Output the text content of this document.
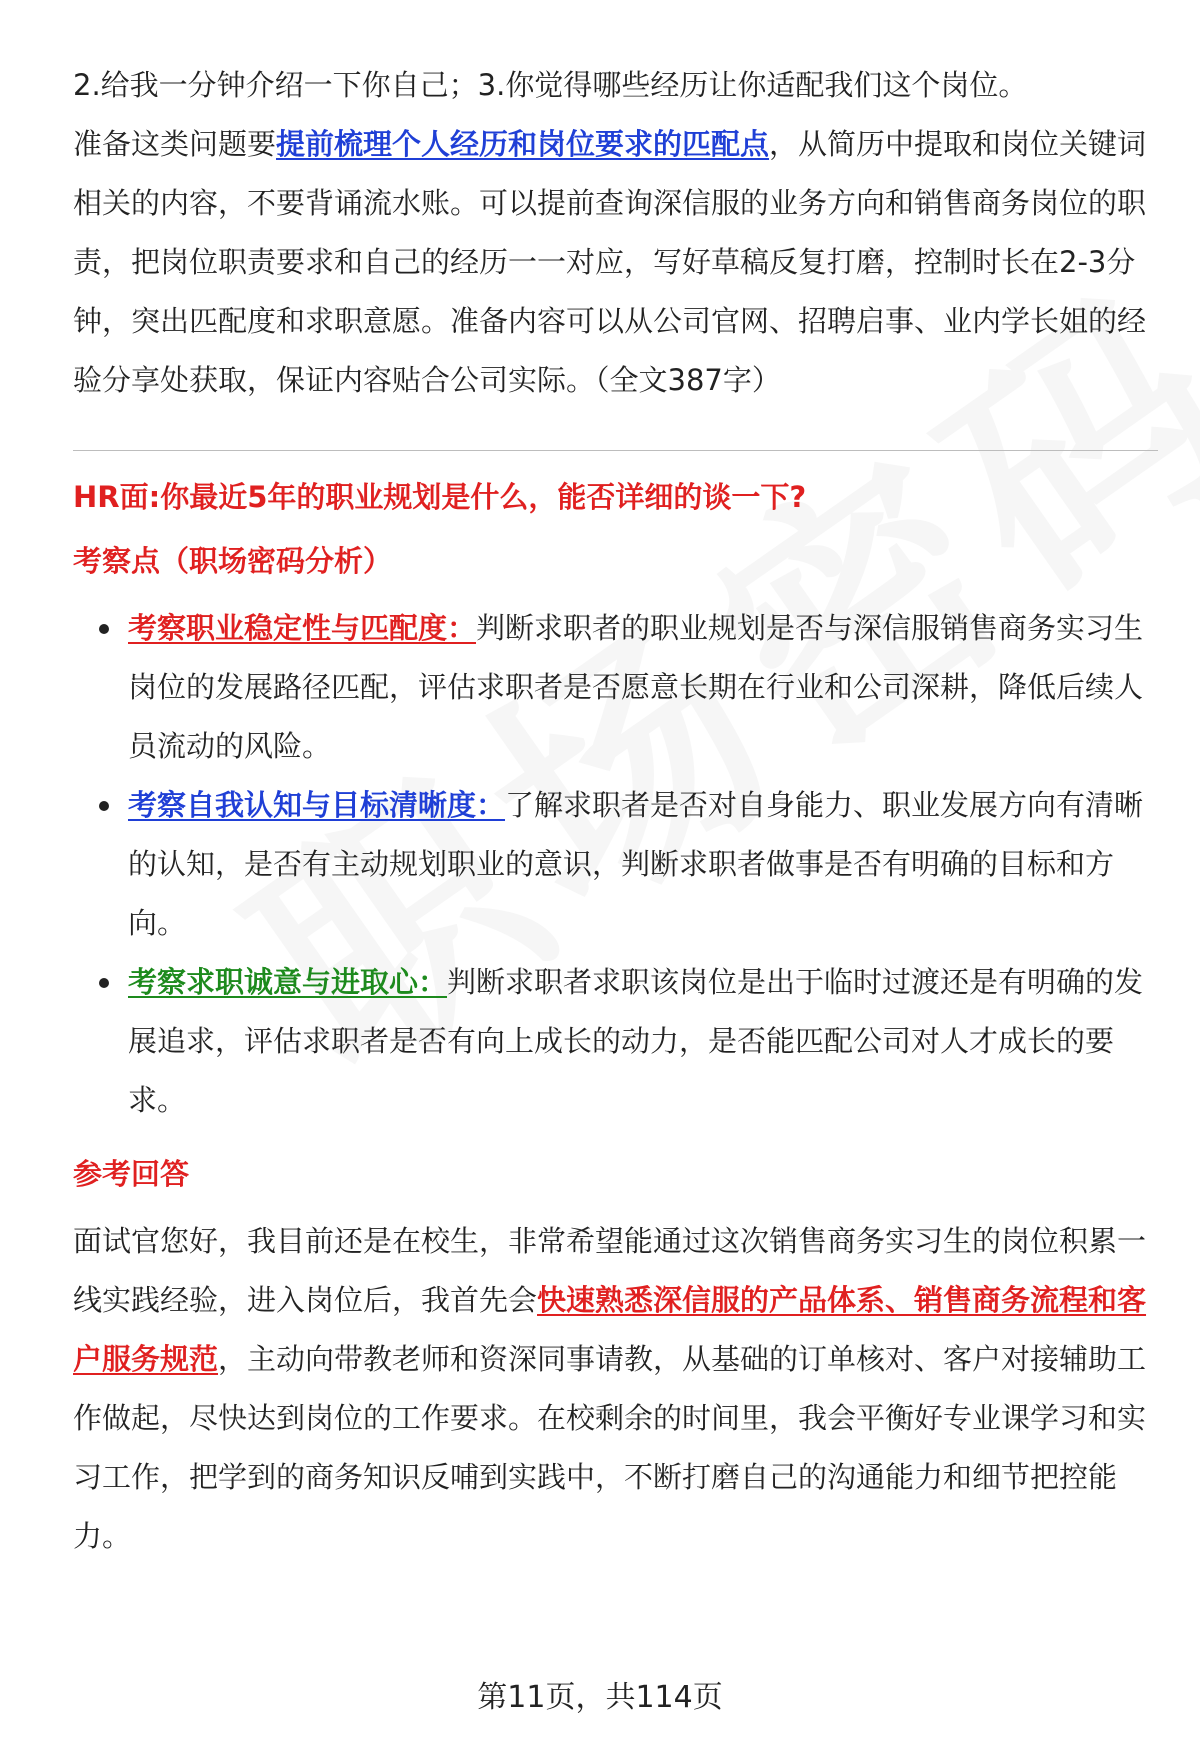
2.给我一分钟介绍一下你自己；3.你觉得哪些经历让你适配我们这个岗位。

准备这类问题要提前梳理个人经历和岗位要求的匹配点，从简历中提取和岗位关键词相关的内容，不要背诵流水账。可以提前查询深信服的业务方向和销售商务岗位的职责，把岗位职责要求和自己的经历一一对应，写好草稿反复打磨，控制时长在2-3分钟，突出匹配度和求职意愿。准备内容可以从公司官网、招聘启事、业内学长姐的经验分享处获取，保证内容贴合公司实际。（全文387字）

HR面:你最近5年的职业规划是什么，能否详细的谈一下?
考察点（职场密码分析）
考察职业稳定性与匹配度：判断求职者的职业规划是否与深信服销售商务实习生岗位的发展路径匹配，评估求职者是否愿意长期在行业和公司深耕，降低后续人员流动的风险。
考察自我认知与目标清晰度：了解求职者是否对自身能力、职业发展方向有清晰的认知，是否有主动规划职业的意识，判断求职者做事是否有明确的目标和方向。
考察求职诚意与进取心：判断求职者求职该岗位是出于临时过渡还是有明确的发展追求，评估求职者是否有向上成长的动力，是否能匹配公司对人才成长的要求。
参考回答

面试官您好，我目前还是在校生，非常希望能通过这次销售商务实习生的岗位积累一线实践经验，进入岗位后，我首先会快速熟悉深信服的产品体系、销售商务流程和客户服务规范，主动向带教老师和资深同事请教，从基础的订单核对、客户对接辅助工作做起，尽快达到岗位的工作要求。在校剩余的时间里，我会平衡好专业课学习和实习工作，把学到的商务知识反哺到实践中，不断打磨自己的沟通能力和细节把控能力。

第11页，共114页
